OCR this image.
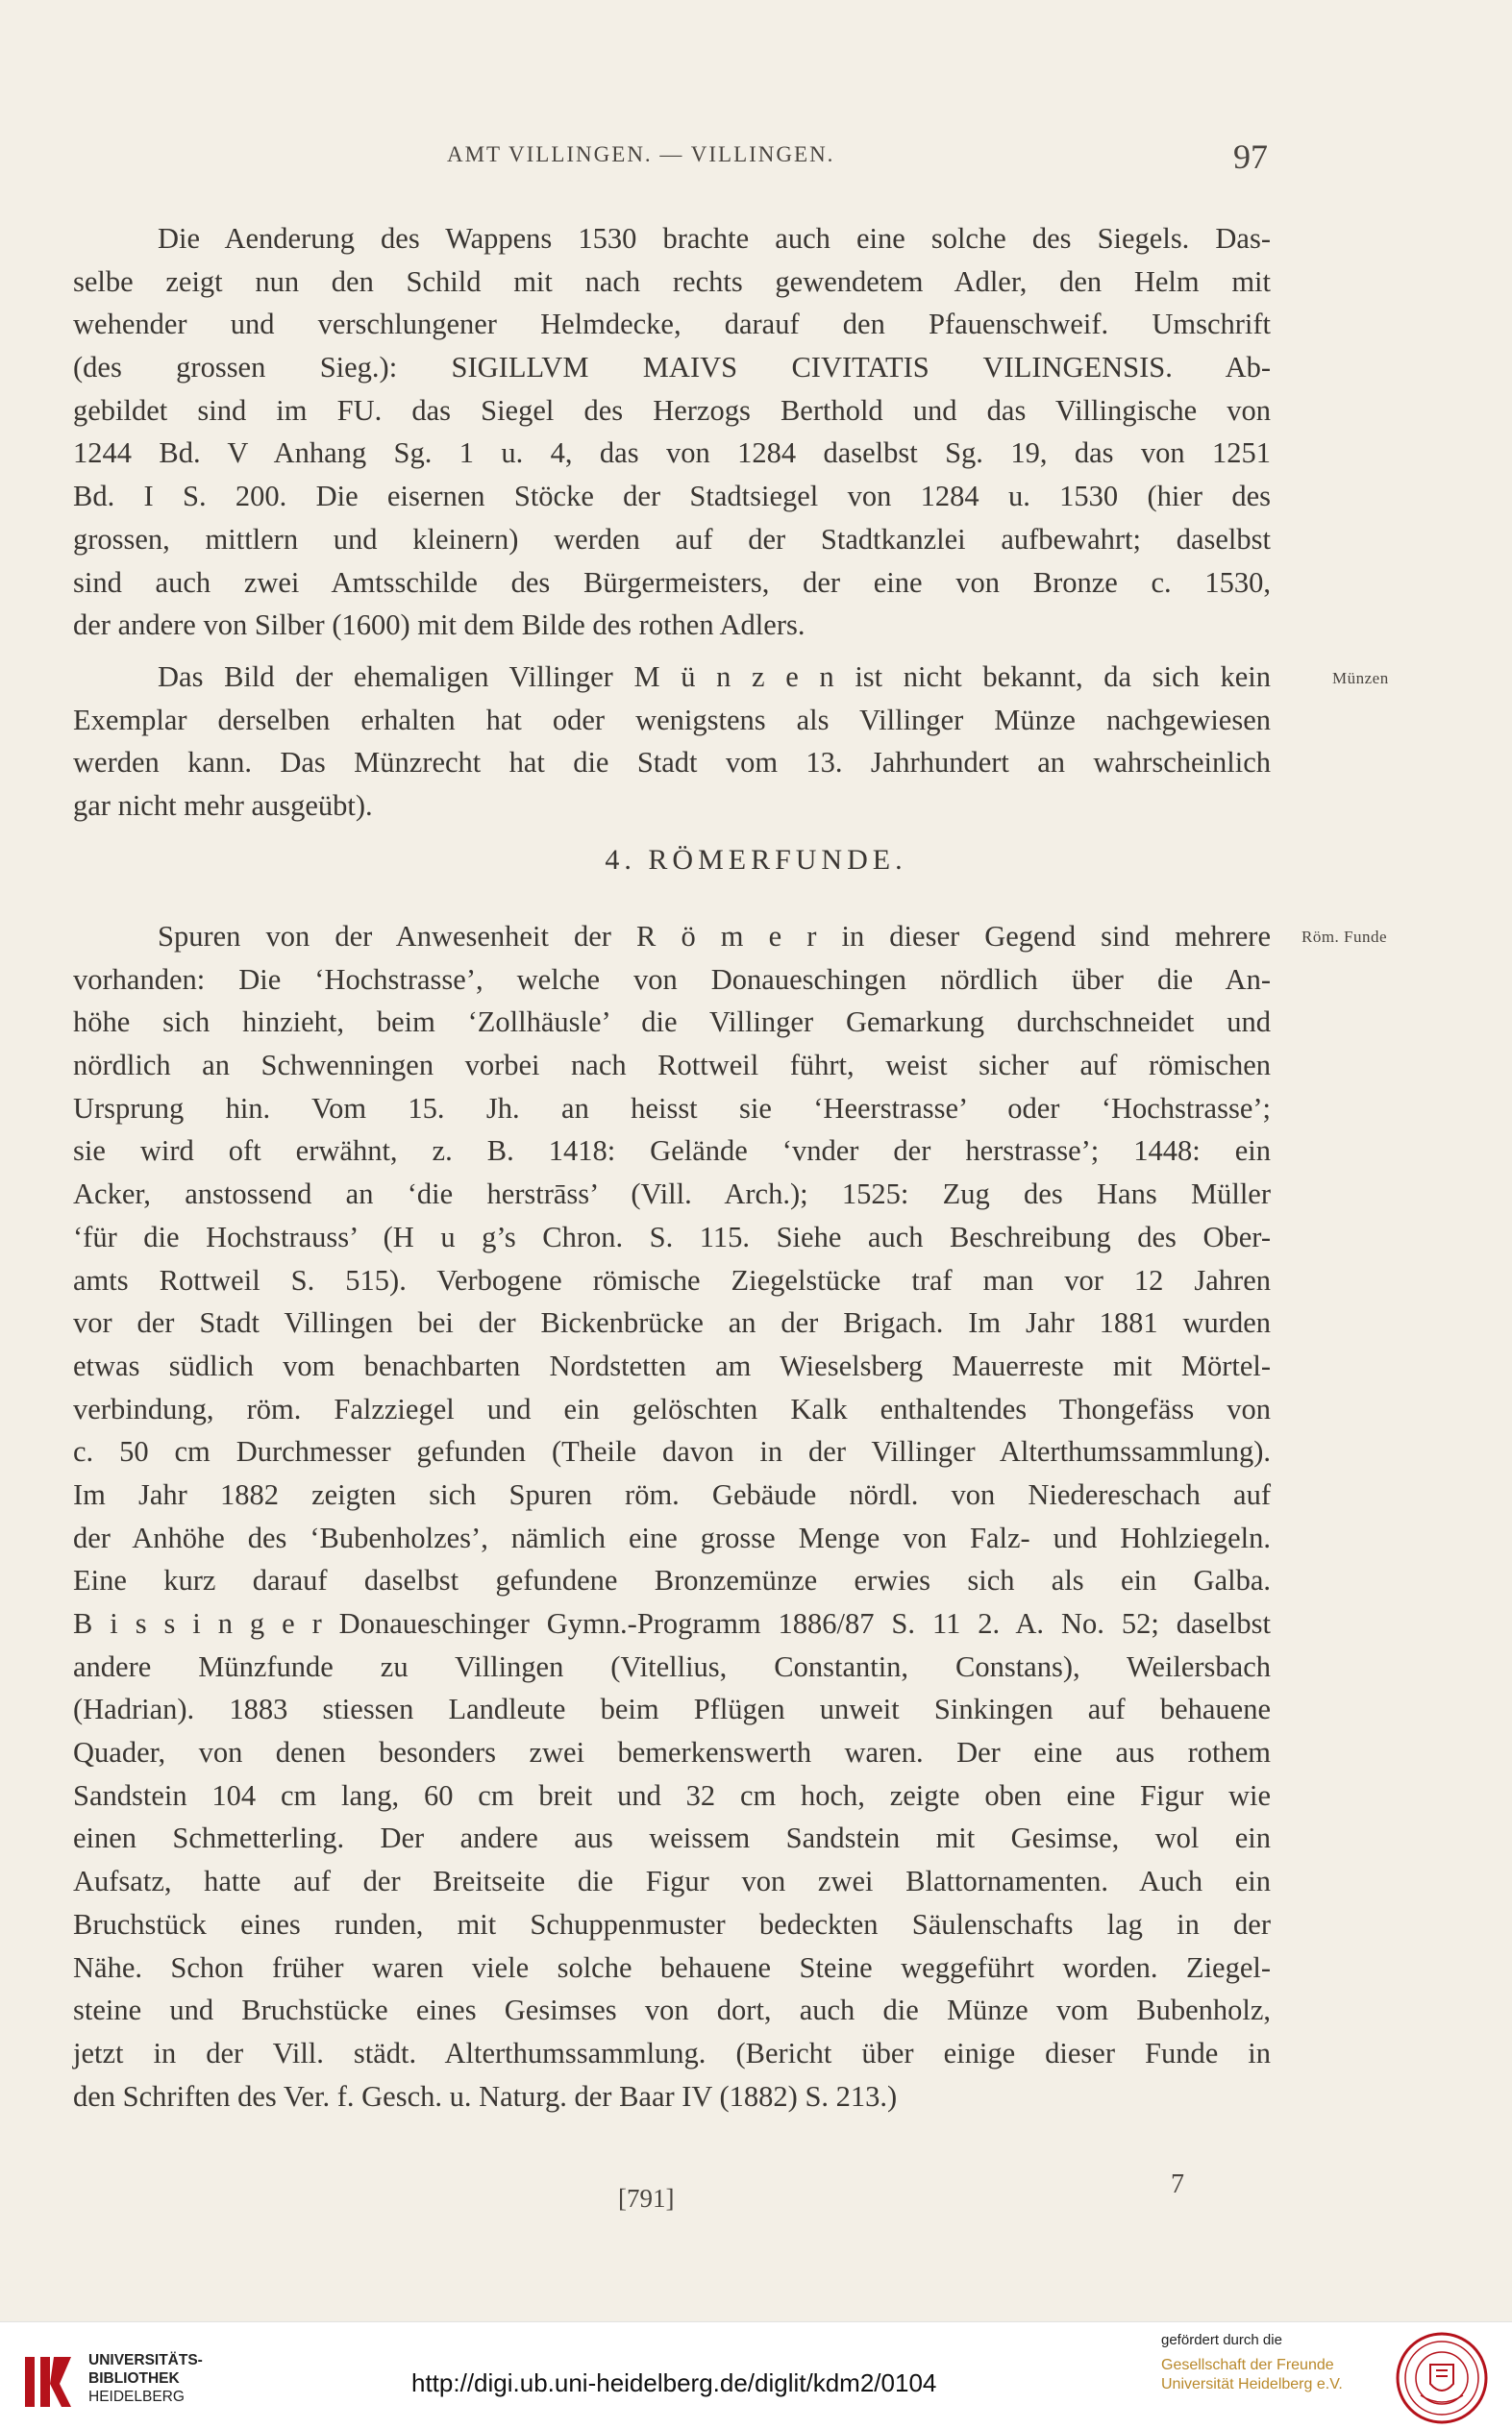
AMT VILLINGEN. — VILLINGEN.	97
Die Aenderung des Wappens 1530 brachte auch eine solche des Siegels. Das-
selbe zeigt nun den Schild mit nach rechts gewendetem Adler, den Helm mit
wehender und verschlungener Helmdecke, darauf den Pfauenschweif. Umschrift
(des grossen Sieg.): SIGILLVM MAIVS CIVITATIS VILINGENSIS. Ab-
gebildet sind im FU. das Siegel des Herzogs Berthold und das Villingische von
1244 Bd. V Anhang Sg. 1 u. 4, das von 1284 daselbst Sg. 19, das von 1251
Bd. I S. 200. Die eisernen Stöcke der Stadtsiegel von 1284 u. 1530 (hier des
grossen, mittlern und kleinern) werden auf der Stadtkanzlei aufbewahrt; daselbst
sind auch zwei Amtsschilde des Bürgermeisters, der eine von Bronze c. 1530,
der andere von Silber (1600) mit dem Bilde des rothen Adlers.
Das Bild der ehemaligen Villinger M ü n z e n ist nicht bekannt, da sich kein
Exemplar derselben erhalten hat oder wenigstens als Villinger Münze nachgewiesen
werden kann. Das Münzrecht hat die Stadt vom 13. Jahrhundert an wahrscheinlich
gar nicht mehr ausgeübt).
4. RÖMERFUNDE.
Spuren von der Anwesenheit der R ö m e r in dieser Gegend sind mehrere
vorhanden: Die ‘Hochstrasse’, welche von Donaueschingen nördlich über die An-
höhe sich hinzieht, beim ‘Zollhäusle’ die Villinger Gemarkung durchschneidet und
nördlich an Schwenningen vorbei nach Rottweil führt, weist sicher auf römischen
Ursprung hin. Vom 15. Jh. an heisst sie ‘Heerstrasse’ oder ‘Hochstrasse’;
sie wird oft erwähnt, z. B. 1418: Gelände ‘vnder der herstrasse’; 1448: ein
Acker, anstossend an ‘die herstrāss’ (Vill. Arch.); 1525: Zug des Hans Müller
‘für die Hochstrauss’ (H u g’s Chron. S. 115. Siehe auch Beschreibung des Ober-
amts Rottweil S. 515). Verbogene römische Ziegelstücke traf man vor 12 Jahren
vor der Stadt Villingen bei der Bickenbrücke an der Brigach. Im Jahr 1881 wurden
etwas südlich vom benachbarten Nordstetten am Wieselsberg Mauerreste mit Mörtel-
verbindung, röm. Falzziegel und ein gelöschten Kalk enthaltendes Thongefäss von
c. 50 cm Durchmesser gefunden (Theile davon in der Villinger Alterthumssammlung).
Im Jahr 1882 zeigten sich Spuren röm. Gebäude nördl. von Niedereschach auf
der Anhöhe des ‘Bubenholzes’, nämlich eine grosse Menge von Falz- und Hohlziegeln.
Eine kurz darauf daselbst gefundene Bronzemünze erwies sich als ein Galba.
B i s s i n g e r Donaueschinger Gymn.-Programm 1886/87 S. 11 2. A. No. 52; daselbst
andere Münzfunde zu Villingen (Vitellius, Constantin, Constans), Weilersbach
(Hadrian). 1883 stiessen Landleute beim Pflügen unweit Sinkingen auf behauene
Quader, von denen besonders zwei bemerkenswerth waren. Der eine aus rothem
Sandstein 104 cm lang, 60 cm breit und 32 cm hoch, zeigte oben eine Figur wie
einen Schmetterling. Der andere aus weissem Sandstein mit Gesimse, wol ein
Aufsatz, hatte auf der Breitseite die Figur von zwei Blattornamenten. Auch ein
Bruchstück eines runden, mit Schuppenmuster bedeckten Säulenschafts lag in der
Nähe. Schon früher waren viele solche behauene Steine weggeführt worden. Ziegel-
steine und Bruchstücke eines Gesimses von dort, auch die Münze vom Bubenholz,
jetzt in der Vill. städt. Alterthumssammlung. (Bericht über einige dieser Funde in
den Schriften des Ver. f. Gesch. u. Naturg. der Baar IV (1882) S. 213.)
Münzen
Röm. Funde
[791]	7
UNIVERSITÄTS-
BIBLIOTHEK
HEIDELBERG	http://digi.ub.uni-heidelberg.de/diglit/kdm2/0104
gefördert durch die
Gesellschaft der Freunde
Universität Heidelberg e.V.
